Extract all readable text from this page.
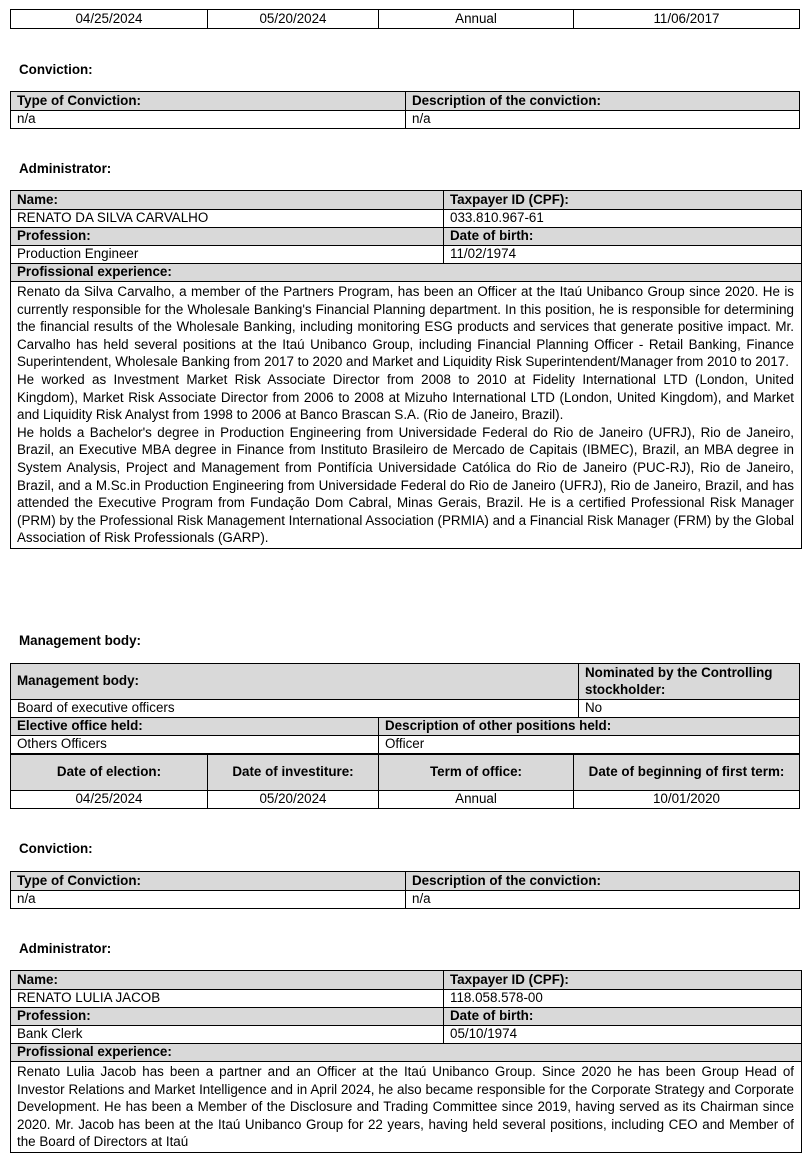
04/25/2024	05/20/2024	Annual	11/06/2017
Conviction:
Type of Conviction:	Description of the conviction:
n/a	n/a
Administrator:
Name:	Taxpayer ID (CPF):
RENATO DA SILVA CARVALHO	033.810.967-61
Profession:	Date of birth:
Production Engineer	11/02/1974
Profissional experience:	

Renato da Silva Carvalho, a member of the Partners Program, has been an Officer at the Itaú Unibanco Group since 2020. He is currently responsible for the Wholesale Banking's Financial Planning department. In this position, he is responsible for determining the financial results of the Wholesale Banking, including monitoring ESG products and services that generate positive impact. Mr. Carvalho has held several positions at the Itaú Unibanco Group, including Financial Planning Officer - Retail Banking, Finance Superintendent, Wholesale Banking from 2017 to 2020 and Market and Liquidity Risk Superintendent/Manager from 2010 to 2017.

He worked as Investment Market Risk Associate Director from 2008 to 2010 at Fidelity International LTD (London, United Kingdom), Market Risk Associate Director from 2006 to 2008 at Mizuho International LTD (London, United Kingdom), and Market and Liquidity Risk Analyst from 1998 to 2006 at Banco Brascan S.A. (Rio de Janeiro, Brazil).

He holds a Bachelor's degree in Production Engineering from Universidade Federal do Rio de Janeiro (UFRJ), Rio de Janeiro, Brazil, an Executive MBA degree in Finance from Instituto Brasileiro de Mercado de Capitais (IBMEC), Brazil, an MBA degree in System Analysis, Project and Management from Pontifícia Universidade Católica do Rio de Janeiro (PUC-RJ), Rio de Janeiro, Brazil, and a M.Sc.in Production Engineering from Universidade Federal do Rio de Janeiro (UFRJ), Rio de Janeiro, Brazil, and has attended the Executive Program from Fundação Dom Cabral, Minas Gerais, Brazil. He is a certified Professional Risk Manager (PRM) by the Professional Risk Management International Association (PRMIA) and a Financial Risk Manager (FRM) by the Global Association of Risk Professionals (GARP).	

Management body:
Management body:		Nominated by the Controlling stockholder:
Board of executive officers		No
Elective office held:	Description of other positions held:	
Others Officers	Officer	
Date of election:	Date of investiture:	Term of office:	Date of beginning of first term:
04/25/2024	05/20/2024	Annual	10/01/2020
Conviction:
Type of Conviction:	Description of the conviction:
n/a	n/a
Administrator:
Name:	Taxpayer ID (CPF):
RENATO LULIA JACOB	118.058.578-00
Profession:	Date of birth:
Bank Clerk	05/10/1974
Profissional experience:	

Renato Lulia Jacob has been a partner and an Officer at the Itaú Unibanco Group. Since 2020 he has been Group Head of Investor Relations and Market Intelligence and in April 2024, he also became responsible for the Corporate Strategy and Corporate Development. He has been a Member of the Disclosure and Trading Committee since 2019, having served as its Chairman since 2020. Mr. Jacob has been at the Itaú Unibanco Group for 22 years, having held several positions, including CEO and Member of the Board of Directors at Itaú	
